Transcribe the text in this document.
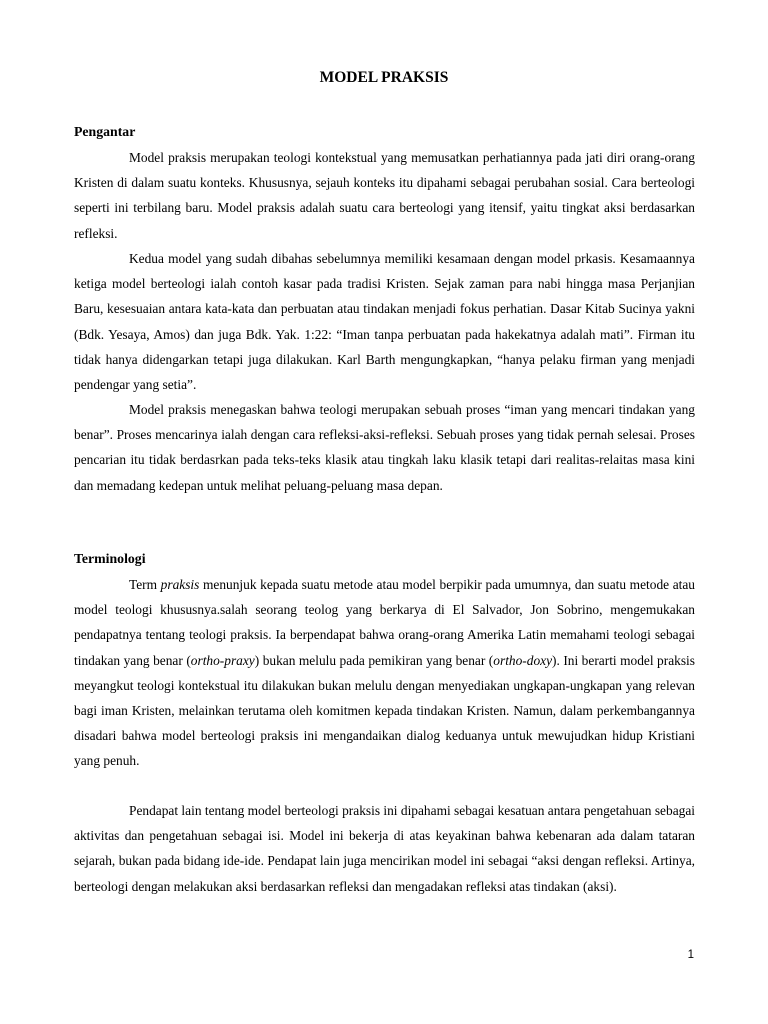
MODEL PRAKSIS
Pengantar

Model praksis merupakan teologi kontekstual yang memusatkan perhatiannya pada jati diri orang-orang Kristen di dalam suatu konteks. Khususnya, sejauh konteks itu dipahami sebagai perubahan sosial. Cara berteologi seperti ini terbilang baru. Model praksis adalah suatu cara berteologi yang itensif, yaitu tingkat aksi berdasarkan refleksi.

Kedua model yang sudah dibahas sebelumnya memiliki kesamaan dengan model prkasis. Kesamaannya ketiga model berteologi ialah contoh kasar pada tradisi Kristen. Sejak zaman para nabi hingga masa Perjanjian Baru, kesesuaian antara kata-kata dan perbuatan atau tindakan menjadi fokus perhatian. Dasar Kitab Sucinya yakni (Bdk. Yesaya, Amos) dan juga Bdk. Yak. 1:22: “Iman tanpa perbuatan pada hakekatnya adalah mati”. Firman itu tidak hanya didengarkan tetapi juga dilakukan. Karl Barth mengungkapkan, “hanya pelaku firman yang menjadi pendengar yang setia”.

Model praksis menegaskan bahwa teologi merupakan sebuah proses “iman yang mencari tindakan yang benar”. Proses mencarinya ialah dengan cara refleksi-aksi-refleksi. Sebuah proses yang tidak pernah selesai. Proses pencarian itu tidak berdasrkan pada teks-teks klasik atau tingkah laku klasik tetapi dari realitas-relaitas masa kini dan memadang kedepan untuk melihat peluang-peluang masa depan.

Terminologi

Term praksis menunjuk kepada suatu metode atau model berpikir pada umumnya, dan suatu metode atau model teologi khususnya.salah seorang teolog yang berkarya di El Salvador, Jon Sobrino, mengemukakan pendapatnya tentang teologi praksis. Ia berpendapat bahwa orang-orang Amerika Latin memahami teologi sebagai tindakan yang benar (ortho-praxy) bukan melulu pada pemikiran yang benar (ortho-doxy). Ini berarti model praksis meyangkut teologi kontekstual itu dilakukan bukan melulu dengan menyediakan ungkapan-ungkapan yang relevan bagi iman Kristen, melainkan terutama oleh komitmen kepada tindakan Kristen. Namun, dalam perkembangannya disadari bahwa model berteologi praksis ini mengandaikan dialog keduanya untuk mewujudkan hidup Kristiani yang penuh.

Pendapat lain tentang model berteologi praksis ini dipahami sebagai kesatuan antara pengetahuan sebagai aktivitas dan pengetahuan sebagai isi. Model ini bekerja di atas keyakinan bahwa kebenaran ada dalam tataran sejarah, bukan pada bidang ide-ide. Pendapat lain juga mencirikan model ini sebagai “aksi dengan refleksi. Artinya, berteologi dengan melakukan aksi berdasarkan refleksi dan mengadakan refleksi atas tindakan (aksi).

1
